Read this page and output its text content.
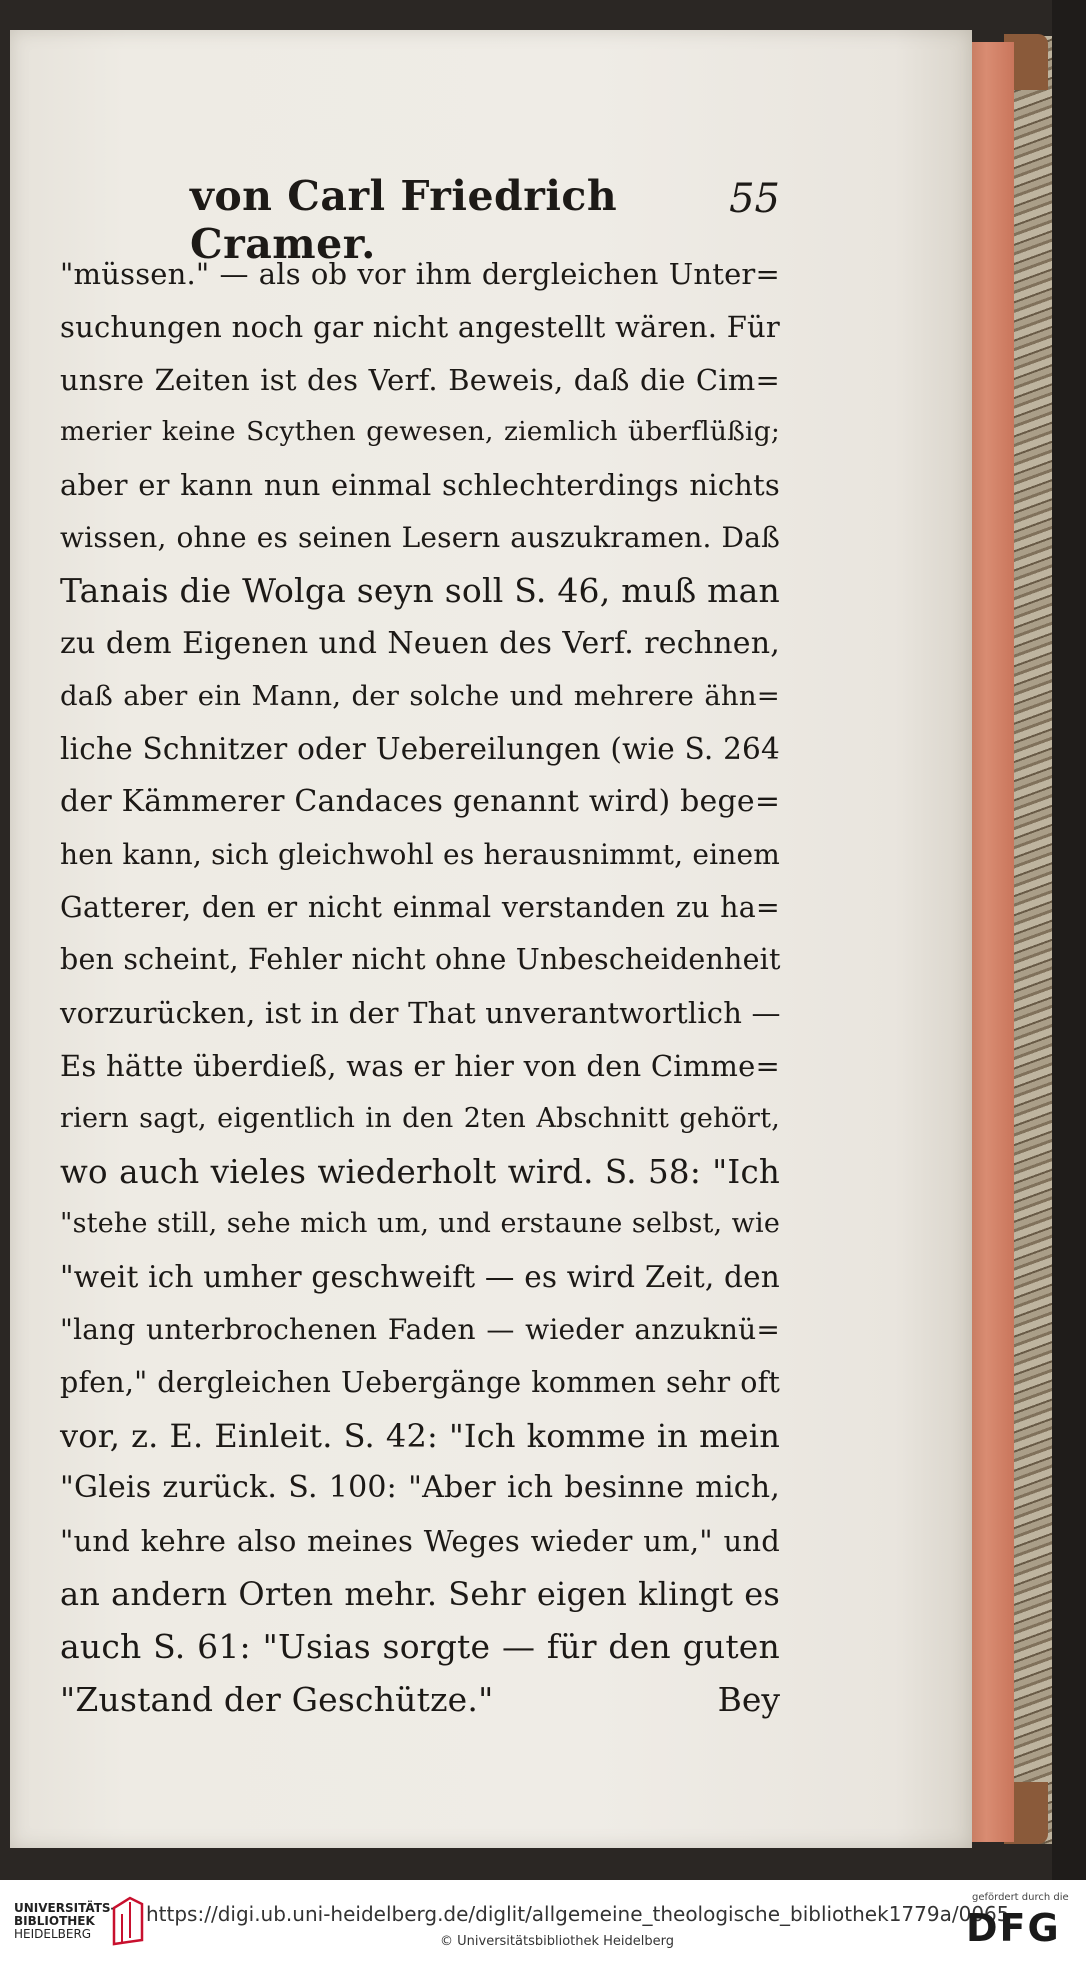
von Carl Friedrich Cramer.
55
"müssen." — als ob vor ihm dergleichen Unter=
suchungen noch gar nicht angestellt wären. Für
unsre Zeiten ist des Verf. Beweis, daß die Cim=
merier keine Scythen gewesen, ziemlich überflüßig;
aber er kann nun einmal schlechterdings nichts
wissen, ohne es seinen Lesern auszukramen. Daß
Tanais die Wolga seyn soll S. 46, muß man
zu dem Eigenen und Neuen des Verf. rechnen,
daß aber ein Mann, der solche und mehrere ähn=
liche Schnitzer oder Uebereilungen (wie S. 264
der Kämmerer Candaces genannt wird) bege=
hen kann, sich gleichwohl es herausnimmt, einem
Gatterer, den er nicht einmal verstanden zu ha=
ben scheint, Fehler nicht ohne Unbescheidenheit
vorzurücken, ist in der That unverantwortlich —
Es hätte überdieß, was er hier von den Cimme=
riern sagt, eigentlich in den 2ten Abschnitt gehört,
wo auch vieles wiederholt wird. S. 58: "Ich
"stehe still, sehe mich um, und erstaune selbst, wie
"weit ich umher geschweift — es wird Zeit, den
"lang unterbrochenen Faden — wieder anzuknü=
pfen," dergleichen Uebergänge kommen sehr oft
vor, z. E. Einleit. S. 42: "Ich komme in mein
"Gleis zurück. S. 100: "Aber ich besinne mich,
"und kehre also meines Weges wieder um," und
an andern Orten mehr. Sehr eigen klingt es
auch S. 61: "Usias sorgte — für den guten
"Zustand der Geschütze."	Bey
UNIVERSITÄTS-
BIBLIOTHEK
HEIDELBERG
https://digi.ub.uni-heidelberg.de/diglit/allgemeine_theologische_bibliothek1779a/0065
© Universitätsbibliothek Heidelberg
gefördert durch die
DFG
